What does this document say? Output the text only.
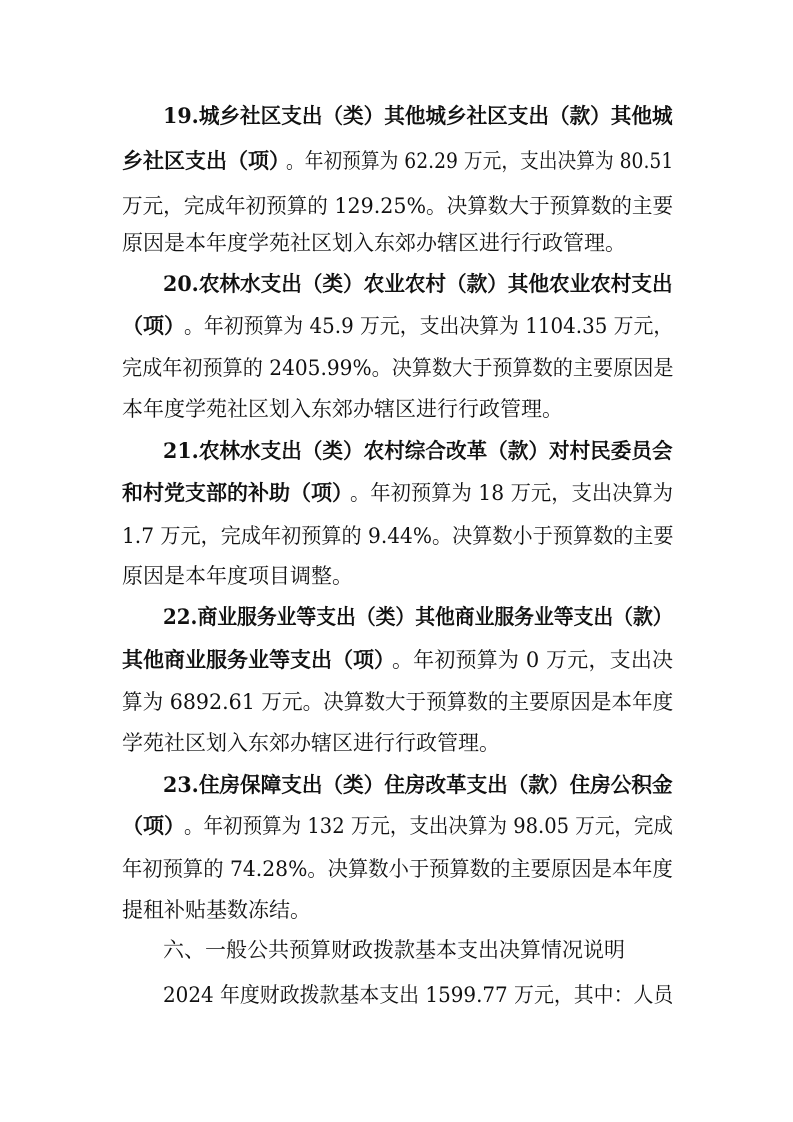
19.城乡社区支出（类）其他城乡社区支出（款）其他城
乡社区支出（项）
。年初预算为 62.29 万元，支出决算为 80.51
万元，完成年初预算的 129.25%。决算数大于预算数的主要
原因是本年度学苑社区划入东郊办辖区进行行政管理。
20.农林水支出（类）农业农村（款）其他农业农村支出
（项） 。年初预算为 45.9 万元，支出决算为 1104.35 万元，
完成年初预算的 2405.99%。决算数大于预算数的主要原因是
本年度学苑社区划入东郊办辖区进行行政管理。
21.农林水支出（类）农村综合改革（款）对村民委员会
和村党支部的补助（项）
。年初预算为 18 万元，支出决算为
1.7 万元，完成年初预算的 9.44%。决算数小于预算数的主要
原因是本年度项目调整。
22.商业服务业等支出（类）其他商业服务业等支出（款）
其他商业服务业等支出（项）
。年初预算为 0 万元，支出决
算为 6892.61 万元。决算数大于预算数的主要原因是本年度
学苑社区划入东郊办辖区进行行政管理。
23.住房保障支出（类）住房改革支出（款）住房公积金
（项） 。年初预算为 132 万元，支出决算为 98.05 万元，完成
年初预算的 74.28%。决算数小于预算数的主要原因是本年度
提租补贴基数冻结。
六、一般公共预算财政拨款基本支出决算情况说明
2024 年度财政拨款基本支出 1599.77 万元，其中：人员
